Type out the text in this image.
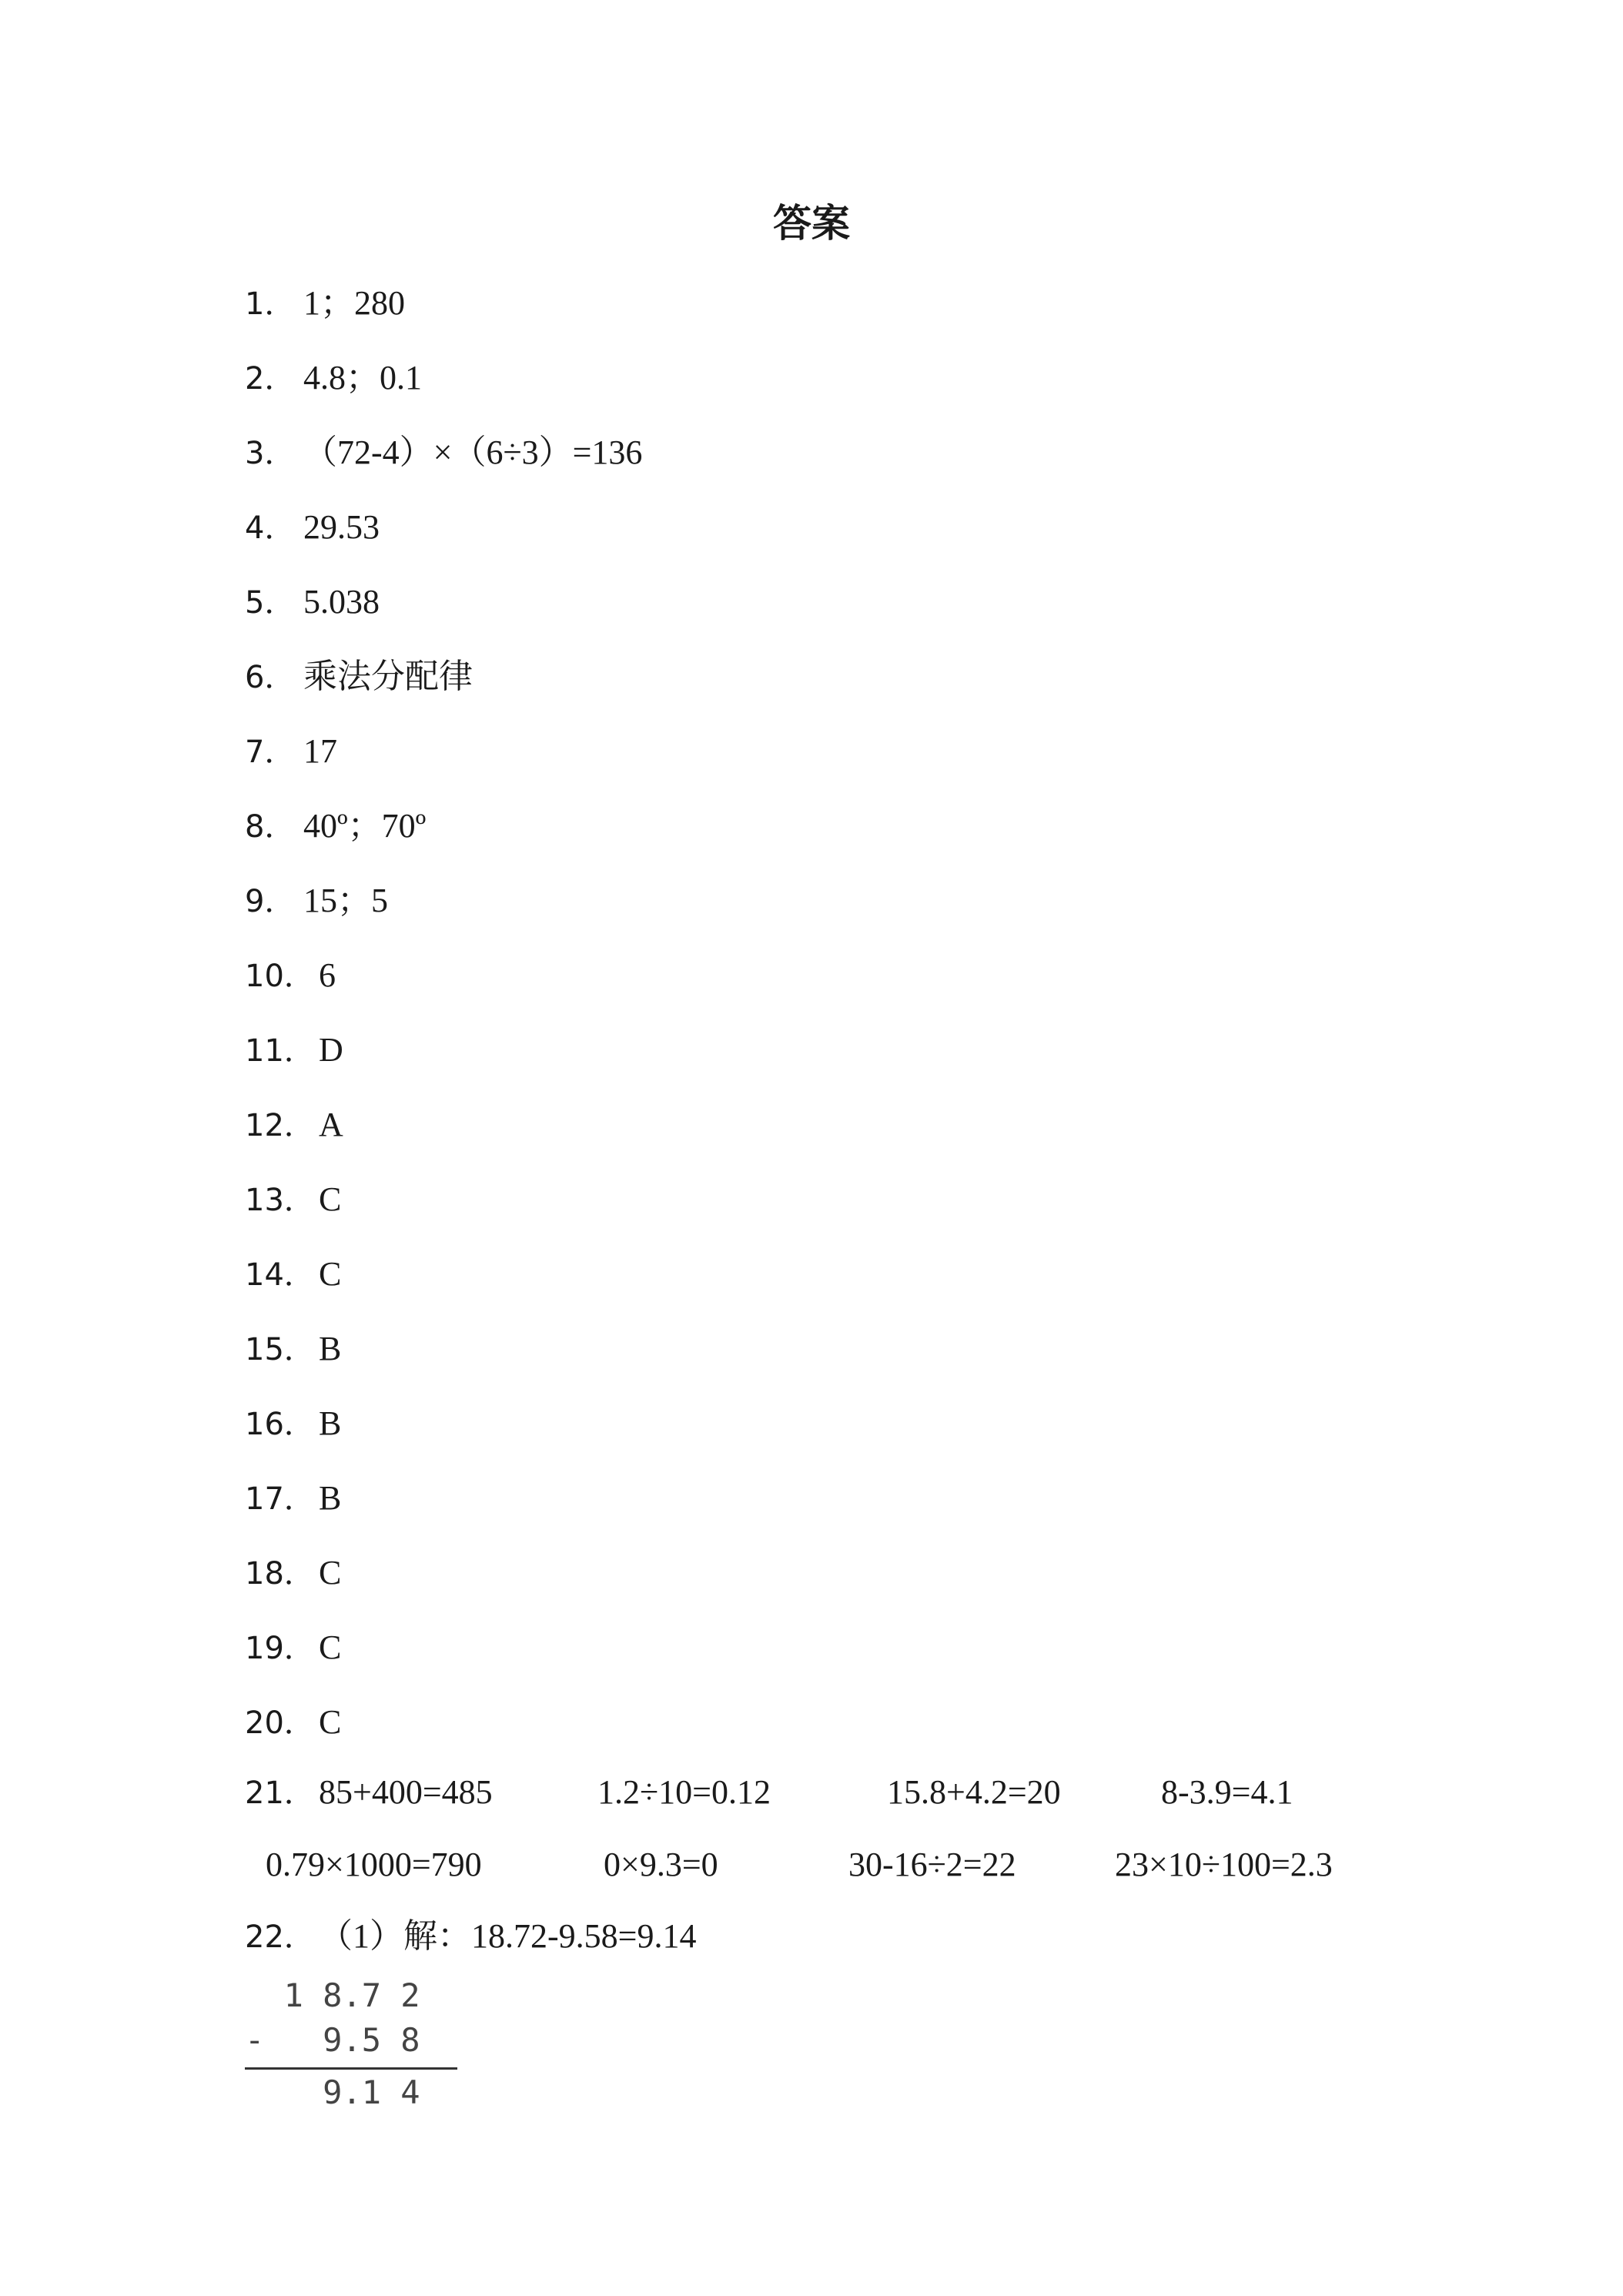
答案
1． 1；280
2． 4.8；0.1
3． （72-4）×（6÷3）=136
4． 29.53
5． 5.038
6． 乘法分配律
7． 17
8． 40º；70º
9． 15；5
10． 6
11． D
12． A
13． C
14． C
15． B
16． B
17． B
18． C
19． C
20． C
21． 85+400=485	1.2÷10=0.12	15.8+4.2=20	8-3.9=4.1
0.79×1000=790	0×9.3=0	30-16÷2=22	23×10÷100=2.3
22． （1）解：18.72-9.58=9.14
1 8.7 2
-   9.5 8
9.1 4
